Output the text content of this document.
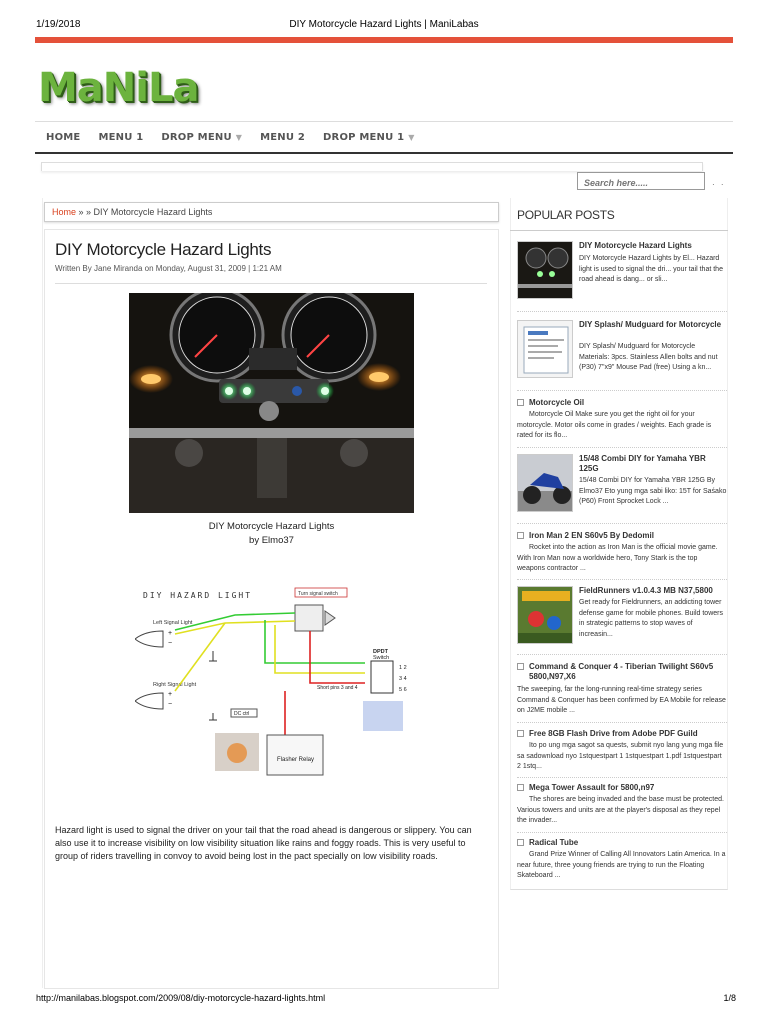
1/19/2018	DIY Motorcycle Hazard Lights | ManiLabas
MaNiLa
HOME MENU 1 DROP MENU ▼ MENU 2 DROP MENU 1 ▼
Search here.....
· ·
Home » » DIY Motorcycle Hazard Lights
DIY Motorcycle Hazard Lights
Written By Jane Miranda on Monday, August 31, 2009 | 1:21 AM
DIY Motorcycle Hazard Lights
by Elmo37
DIY HAZARD LIGHT	Turn signal switch
Left Signal Light
+
−
Right Signal Light
+
−
DPDT
Switch
1 2
3 4
5 6
Short pins 3 and 4
DC ctrl
Flasher Relay
Hazard light is used to signal the driver on your tail that the road ahead is dangerous or slippery. You can also use it to increase visibility on low visibility situation like rains and foggy roads. This is very useful to group of riders travelling in convoy to avoid being lost in the pact specially on low visibility roads.
POPULAR POSTS
DIY Motorcycle Hazard Lights
DIY Motorcycle Hazard Lights by El... Hazard light is used to signal the dri... your tail that the road ahead is dang... or sli...
DIY Splash/ Mudguard for Motorcycle
DIY Splash/ Mudguard for Motorcycle Materials: 3pcs. Stainless Allen bolts and nut (P30) 7"x9" Mouse Pad (free) Using a kn...
Motorcycle Oil
Motorcycle Oil Make sure you get the right oil for your motorcycle. Motor oils come in grades / weights. Each grade is rated for its flo...
15/48 Combi DIY for Yamaha YBR 125G
15/48 Combi DIY for Yamaha YBR 125G By Elmo37 Eto yung mga sabi liko: 15T for Saśako (P60) Front Sprocket Lock ...
Iron Man 2 EN S60v5 By Dedomil
Rocket into the action as Iron Man is the official movie game. With Iron Man now a worldwide hero, Tony Stark is the top weapons contractor ...
FieldRunners v1.0.4.3 MB N37,5800
Get ready for Fieldrunners, an addicting tower defense game for mobile phones. Build towers in strategic patterns to stop waves of increasin...
Command & Conquer 4 - Tiberian Twilight S60v5 5800,N97,X6
The sweeping, far the long-running real-time strategy series Command & Conquer has been confirmed by EA Mobile for release on J2ME mobile ...
Free 8GB Flash Drive from Adobe PDF Guild
Ito po ung mga sagot sa quests, submit nyo lang yung mga file sa sadownload nyo 1stquestpart 1 1stquestpart 1.pdf 1stquestpart 2 1stq...
Mega Tower Assault for 5800,n97
The shores are being invaded and the base must be protected. Various towers and units are at the player's disposal as they repel the invader...
Radical Tube
Grand Prize Winner of Calling All Innovators Latin America. In a near future, three young friends are trying to run the Floating Skateboard ...
http://manilabas.blogspot.com/2009/08/diy-motorcycle-hazard-lights.html	1/8
